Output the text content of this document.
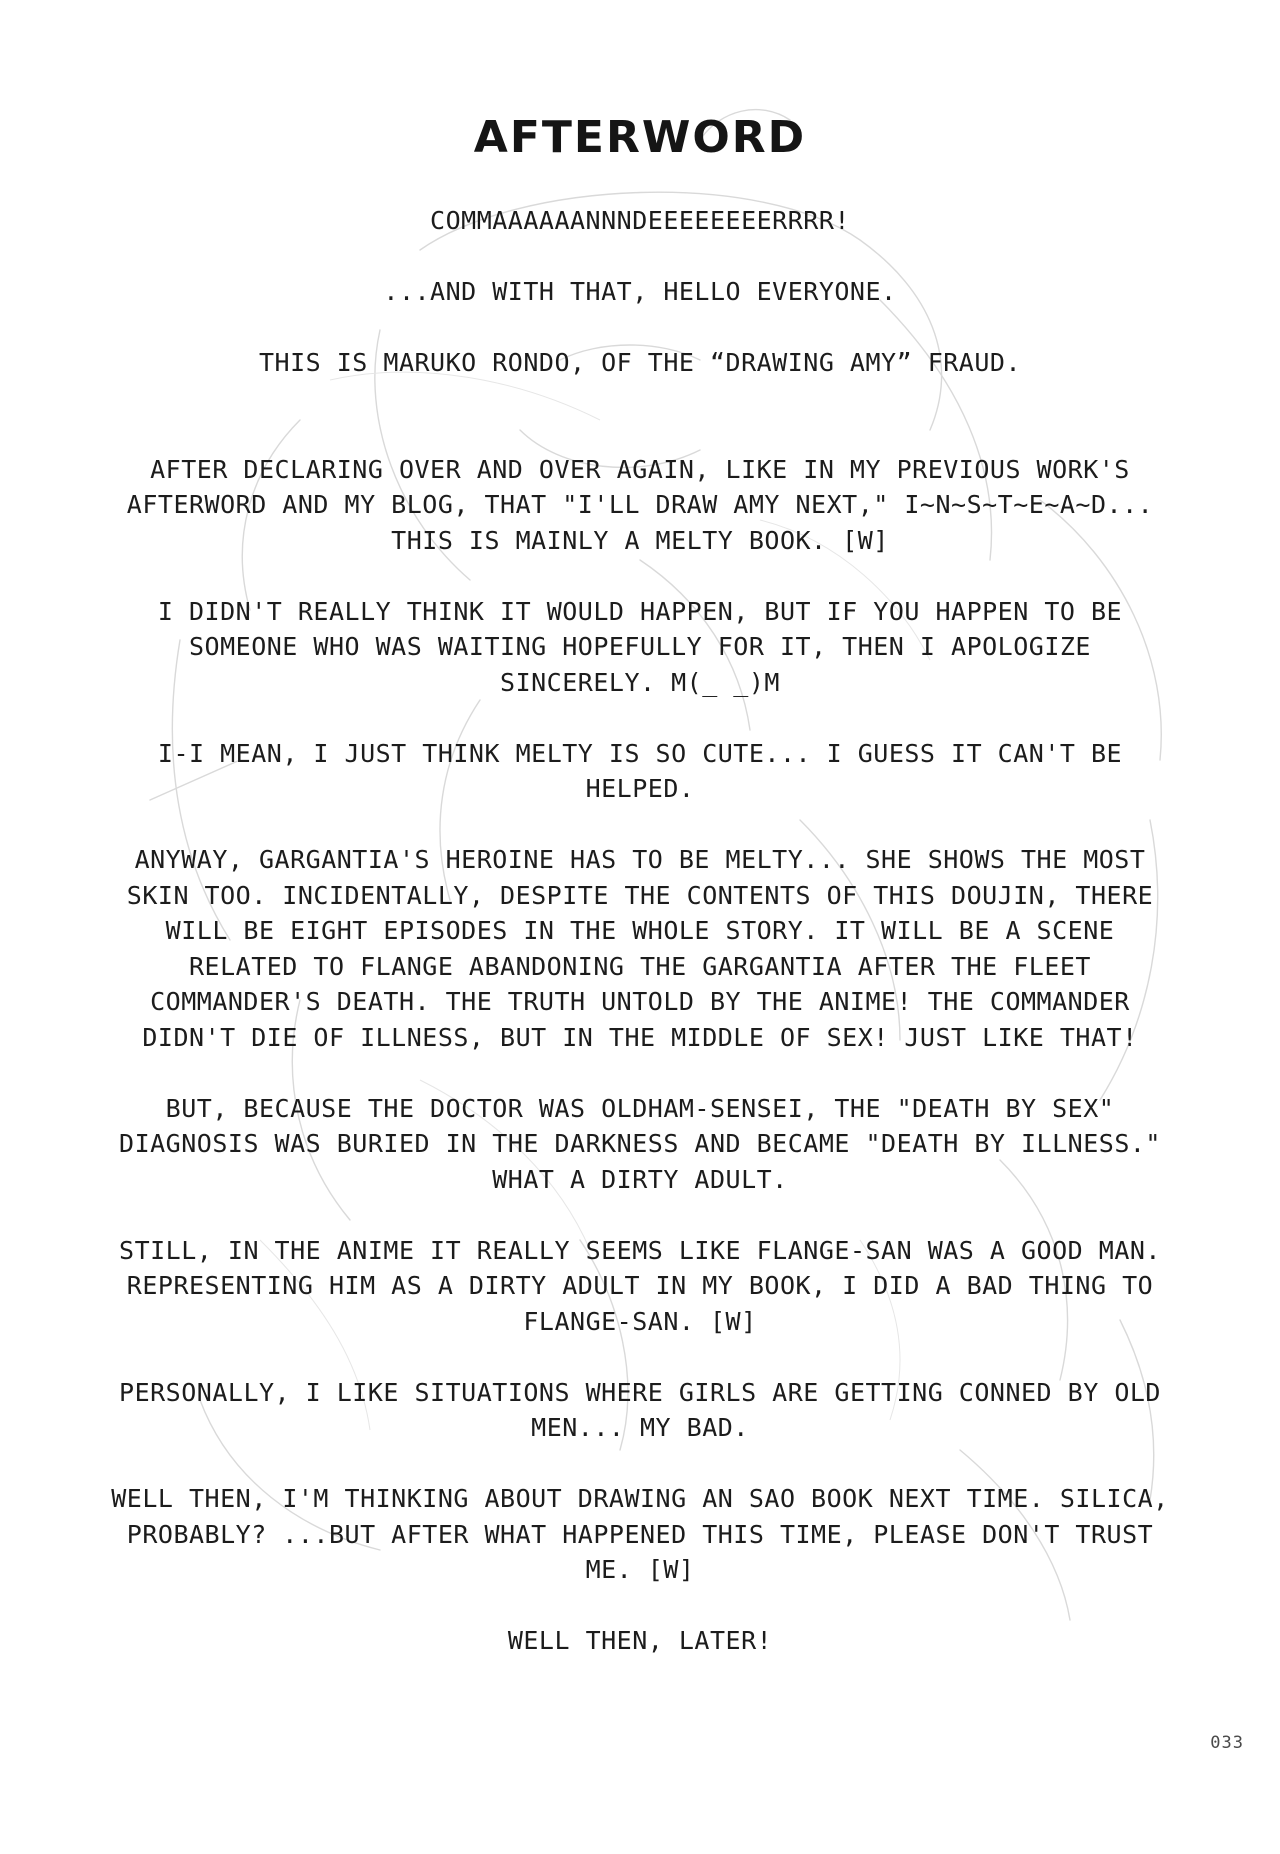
AFTERWORD

COMMAAAAAANNNDEEEEEEEERRRR!

...AND WITH THAT, HELLO EVERYONE.

THIS IS MARUKO RONDO, OF THE “DRAWING AMY” FRAUD.

AFTER DECLARING OVER AND OVER AGAIN, LIKE IN MY PREVIOUS WORK'S AFTERWORD AND MY BLOG, THAT "I'LL DRAW AMY NEXT," I~N~S~T~E~A~D... THIS IS MAINLY A MELTY BOOK. [W]

I DIDN'T REALLY THINK IT WOULD HAPPEN, BUT IF YOU HAPPEN TO BE SOMEONE WHO WAS WAITING HOPEFULLY FOR IT, THEN I APOLOGIZE SINCERELY. M(_ _)M

I-I MEAN, I JUST THINK MELTY IS SO CUTE... I GUESS IT CAN'T BE HELPED.

ANYWAY, GARGANTIA'S HEROINE HAS TO BE MELTY... SHE SHOWS THE MOST SKIN TOO. INCIDENTALLY, DESPITE THE CONTENTS OF THIS DOUJIN, THERE WILL BE EIGHT EPISODES IN THE WHOLE STORY. IT WILL BE A SCENE RELATED TO FLANGE ABANDONING THE GARGANTIA AFTER THE FLEET COMMANDER'S DEATH. THE TRUTH UNTOLD BY THE ANIME! THE COMMANDER DIDN'T DIE OF ILLNESS, BUT IN THE MIDDLE OF SEX! JUST LIKE THAT!

BUT, BECAUSE THE DOCTOR WAS OLDHAM-SENSEI, THE "DEATH BY SEX" DIAGNOSIS WAS BURIED IN THE DARKNESS AND BECAME "DEATH BY ILLNESS." WHAT A DIRTY ADULT.

STILL, IN THE ANIME IT REALLY SEEMS LIKE FLANGE-SAN WAS A GOOD MAN. REPRESENTING HIM AS A DIRTY ADULT IN MY BOOK, I DID A BAD THING TO FLANGE-SAN. [W]

PERSONALLY, I LIKE SITUATIONS WHERE GIRLS ARE GETTING CONNED BY OLD MEN... MY BAD.

WELL THEN, I'M THINKING ABOUT DRAWING AN SAO BOOK NEXT TIME. SILICA, PROBABLY? ...BUT AFTER WHAT HAPPENED THIS TIME, PLEASE DON'T TRUST ME. [W]

WELL THEN, LATER!

033
